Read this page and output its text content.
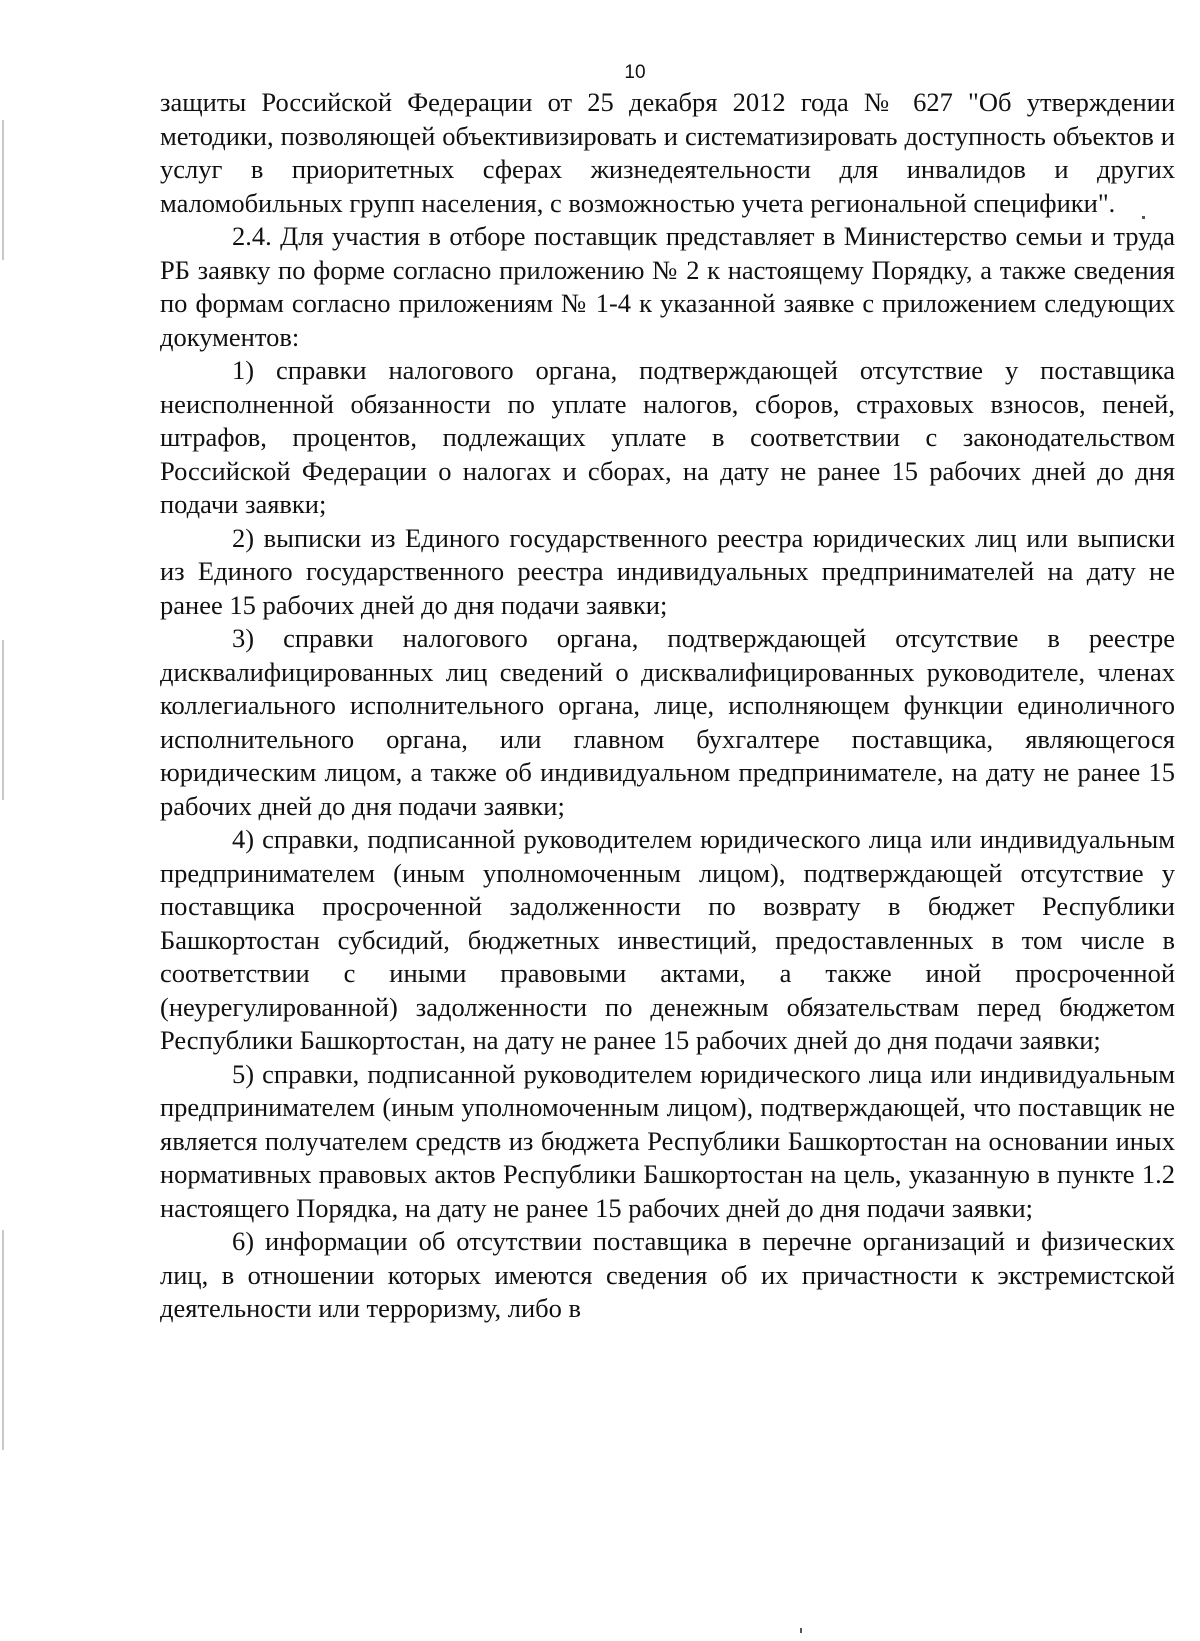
10

защиты Российской Федерации от 25 декабря 2012 года № 627 "Об утверждении методики, позволяющей объективизировать и систематизировать доступность объектов и услуг в приоритетных сферах жизнедеятельности для инвалидов и других маломобильных групп населения, с возможностью учета региональной специфики".

2.4. Для участия в отборе поставщик представляет в Министерство семьи и труда РБ заявку по форме согласно приложению № 2 к настоящему Порядку, а также сведения по формам согласно приложениям № 1-4 к указанной заявке с приложением следующих документов:

1) справки налогового органа, подтверждающей отсутствие у поставщика неисполненной обязанности по уплате налогов, сборов, страховых взносов, пеней, штрафов, процентов, подлежащих уплате в соответствии с законодательством Российской Федерации о налогах и сборах, на дату не ранее 15 рабочих дней до дня подачи заявки;

2) выписки из Единого государственного реестра юридических лиц или выписки из Единого государственного реестра индивидуальных предпринимателей на дату не ранее 15 рабочих дней до дня подачи заявки;

3) справки налогового органа, подтверждающей отсутствие в реестре дисквалифицированных лиц сведений о дисквалифицированных руководителе, членах коллегиального исполнительного органа, лице, исполняющем функции единоличного исполнительного органа, или главном бухгалтере поставщика, являющегося юридическим лицом, а также об индивидуальном предпринимателе, на дату не ранее 15 рабочих дней до дня подачи заявки;

4) справки, подписанной руководителем юридического лица или индивидуальным предпринимателем (иным уполномоченным лицом), подтверждающей отсутствие у поставщика просроченной задолженности по возврату в бюджет Республики Башкортостан субсидий, бюджетных инвестиций, предоставленных в том числе в соответствии с иными правовыми актами, а также иной просроченной (неурегулированной) задолженности по денежным обязательствам перед бюджетом Республики Башкортостан, на дату не ранее 15 рабочих дней до дня подачи заявки;

5) справки, подписанной руководителем юридического лица или индивидуальным предпринимателем (иным уполномоченным лицом), подтверждающей, что поставщик не является получателем средств из бюджета Республики Башкортостан на основании иных нормативных правовых актов Республики Башкортостан на цель, указанную в пункте 1.2 настоящего Порядка, на дату не ранее 15 рабочих дней до дня подачи заявки;

6) информации об отсутствии поставщика в перечне организаций и физических лиц, в отношении которых имеются сведения об их причастности к экстремистской деятельности или терроризму, либо в
